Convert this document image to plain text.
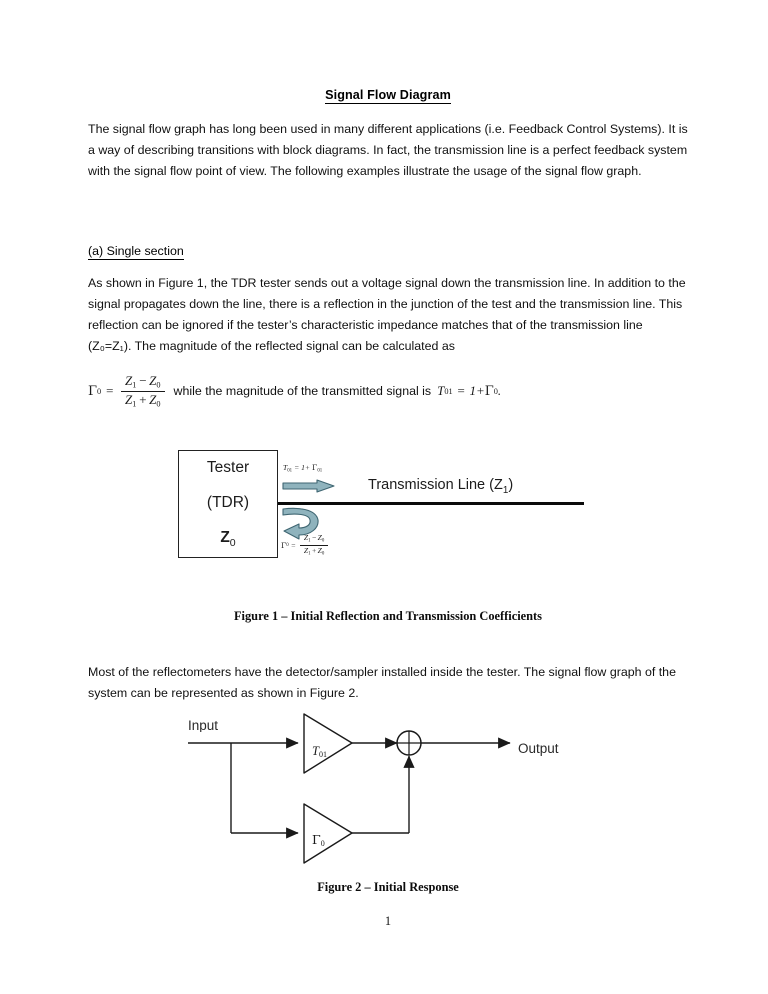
Signal Flow Diagram
The signal flow graph has long been used in many different applications (i.e. Feedback Control Systems). It is a way of describing transitions with block diagrams. In fact, the transmission line is a perfect feedback system with the signal flow point of view. The following examples illustrate the usage of the signal flow graph.
(a) Single section
As shown in Figure 1, the TDR tester sends out a voltage signal down the transmission line. In addition to the signal propagates down the line, there is a reflection in the junction of the test and the transmission line. This reflection can be ignored if the tester’s characteristic impedance matches that of the transmission line (Z₀=Z₁). The magnitude of the reflected signal can be calculated as
Γ $0 = \frac{Z_1 - Z_0}{Z_1 + Z_0}$ while the magnitude of the transmitted signal is T 01 = 1+ Γ 0 .
Tester
(TDR)
$Z_0$
Transmission Line $(Z_1)$
$T_{01} = 1+ \Gamma_{01}$
Γ $0 = \frac{Z_1-Z_0}{Z_1+Z_0}$
Figure 1 – Initial Reflection and Transmission Coefficients
Most of the reflectometers have the detector/sampler installed inside the tester. The signal flow graph of the system can be represented as shown in Figure 2.
Input
Output
$T_{01}$
$\Gamma_0$
Figure 2 – Initial Response
1
